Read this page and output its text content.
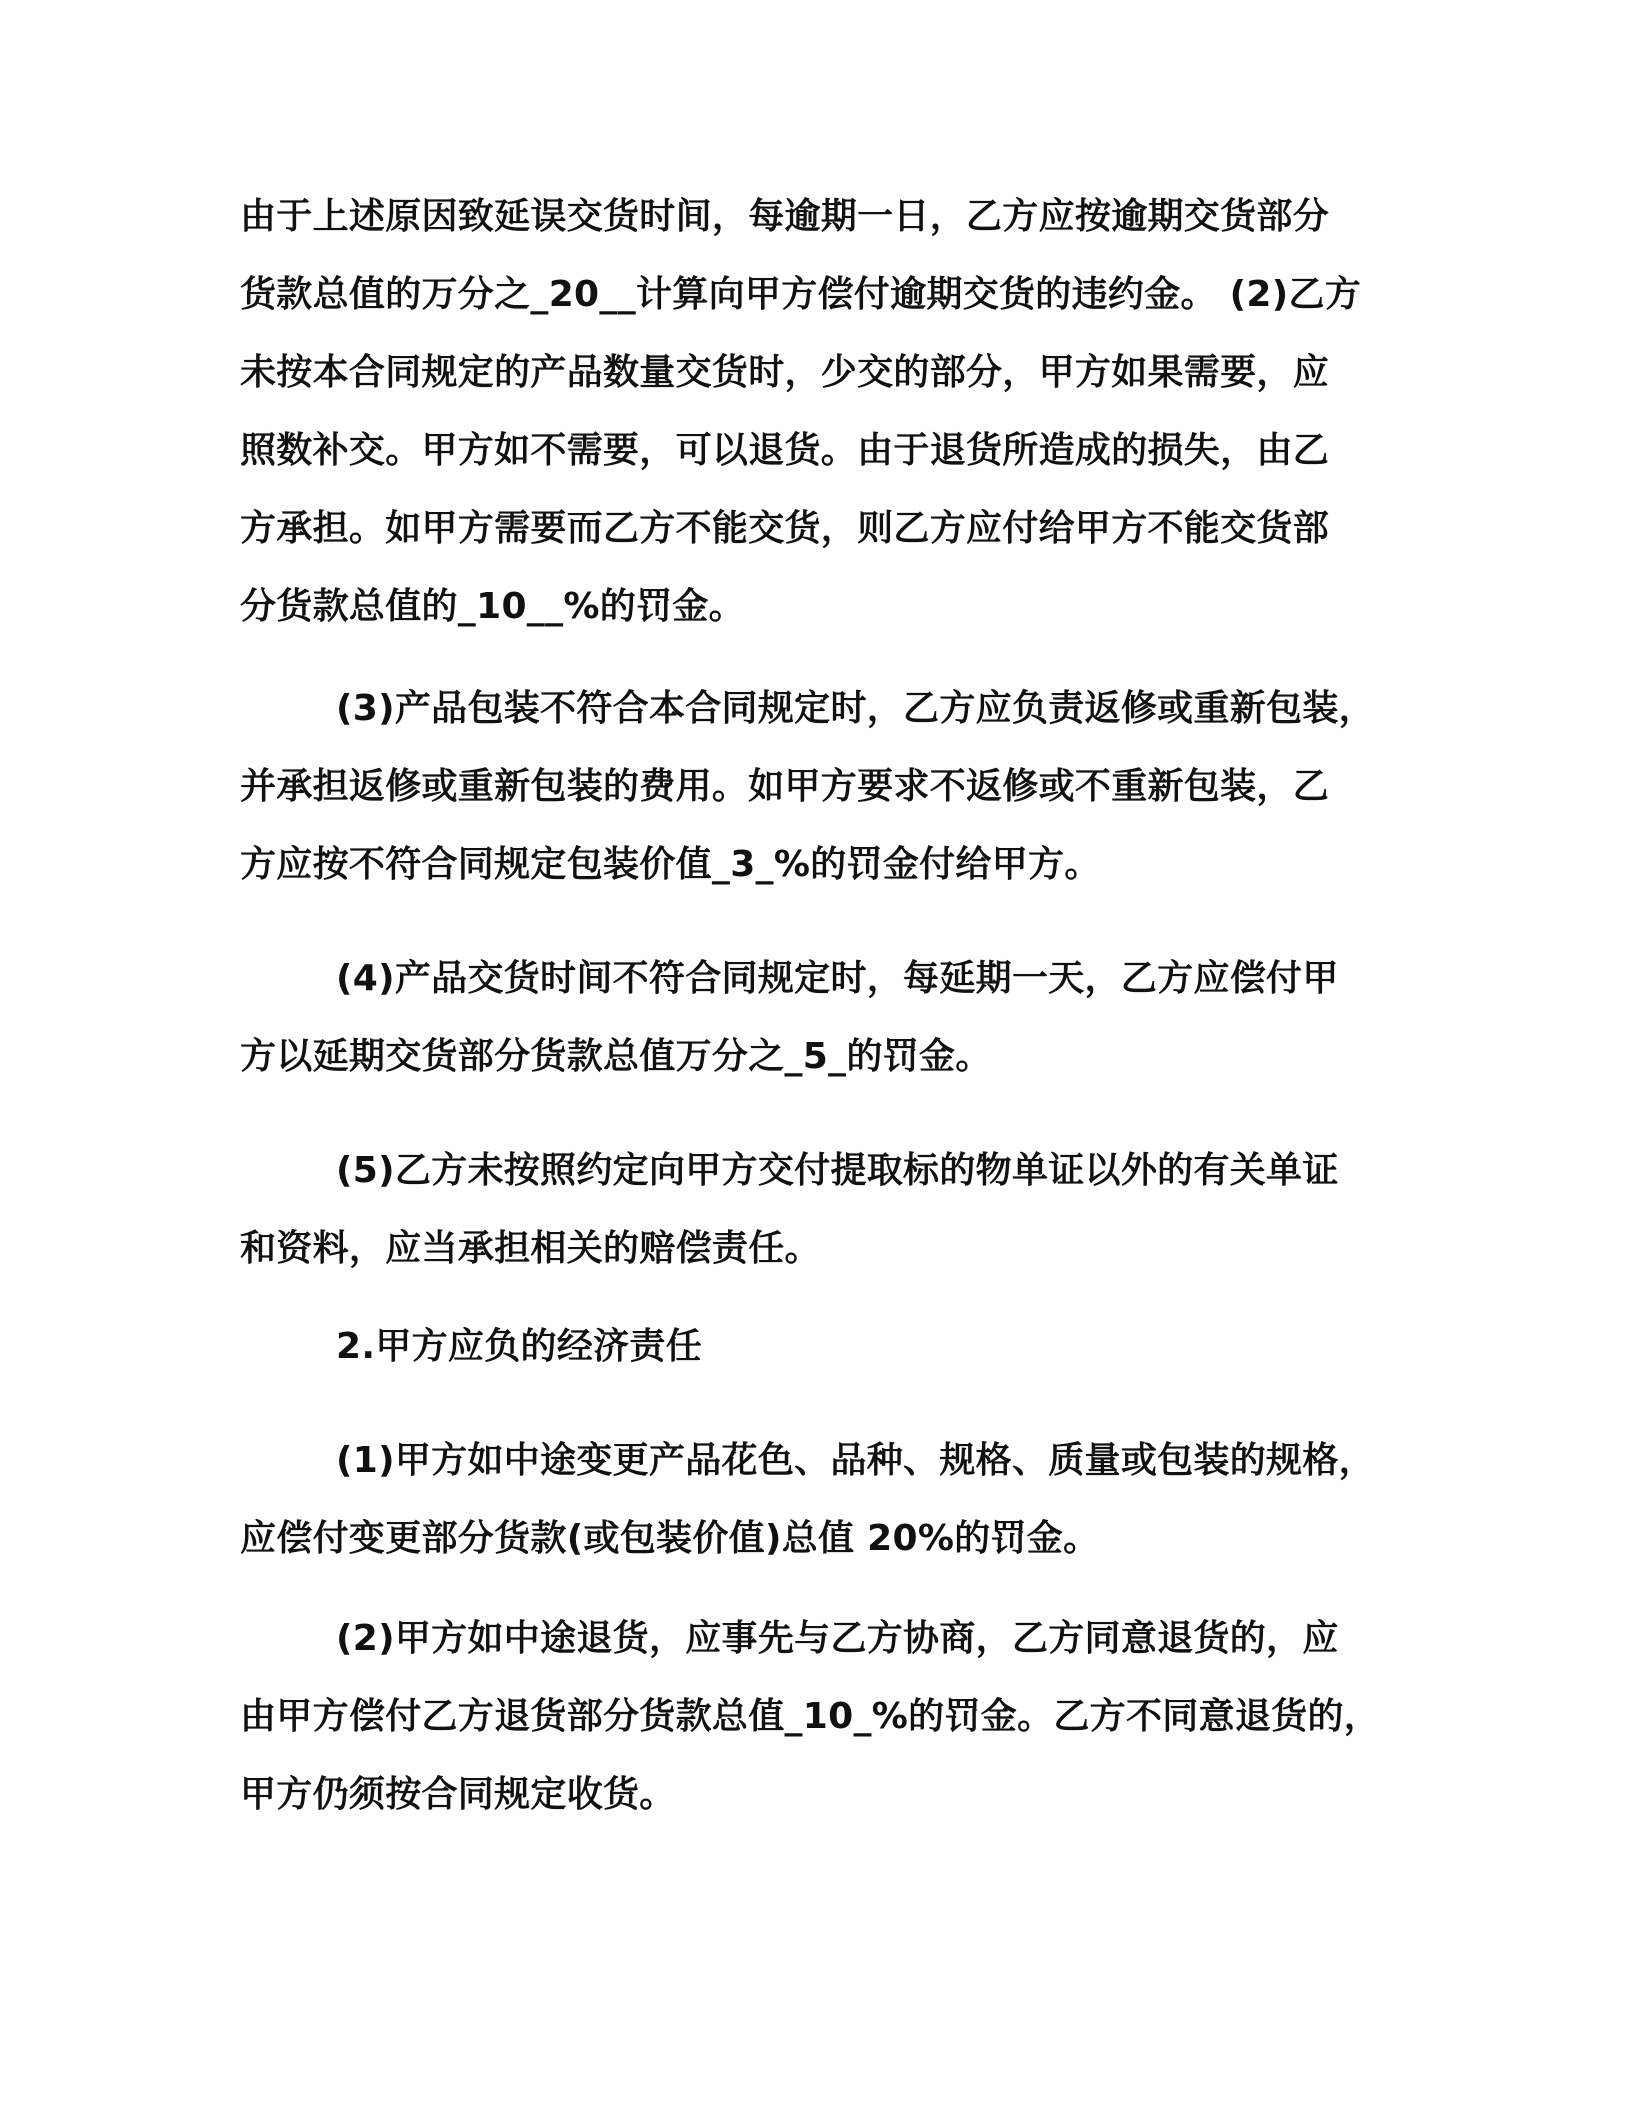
由于上述原因致延误交货时间，每逾期一日，乙方应按逾期交货部分
货款总值的万分之_20__计算向甲方偿付逾期交货的违约金。 (2)乙方
未按本合同规定的产品数量交货时，少交的部分，甲方如果需要，应
照数补交。甲方如不需要，可以退货。由于退货所造成的损失，由乙
方承担。如甲方需要而乙方不能交货，则乙方应付给甲方不能交货部
分货款总值的_10__%的罚金。
(3)产品包装不符合本合同规定时，乙方应负责返修或重新包装，
并承担返修或重新包装的费用。如甲方要求不返修或不重新包装，乙
方应按不符合同规定包装价值_3_%的罚金付给甲方。
(4)产品交货时间不符合同规定时，每延期一天，乙方应偿付甲
方以延期交货部分货款总值万分之_5_的罚金。
(5)乙方未按照约定向甲方交付提取标的物单证以外的有关单证
和资料，应当承担相关的赔偿责任。
2.甲方应负的经济责任
(1)甲方如中途变更产品花色、品种、规格、质量或包装的规格，
应偿付变更部分货款(或包装价值)总值 20%的罚金。
(2)甲方如中途退货，应事先与乙方协商，乙方同意退货的，应
由甲方偿付乙方退货部分货款总值_10_%的罚金。乙方不同意退货的，
甲方仍须按合同规定收货。
